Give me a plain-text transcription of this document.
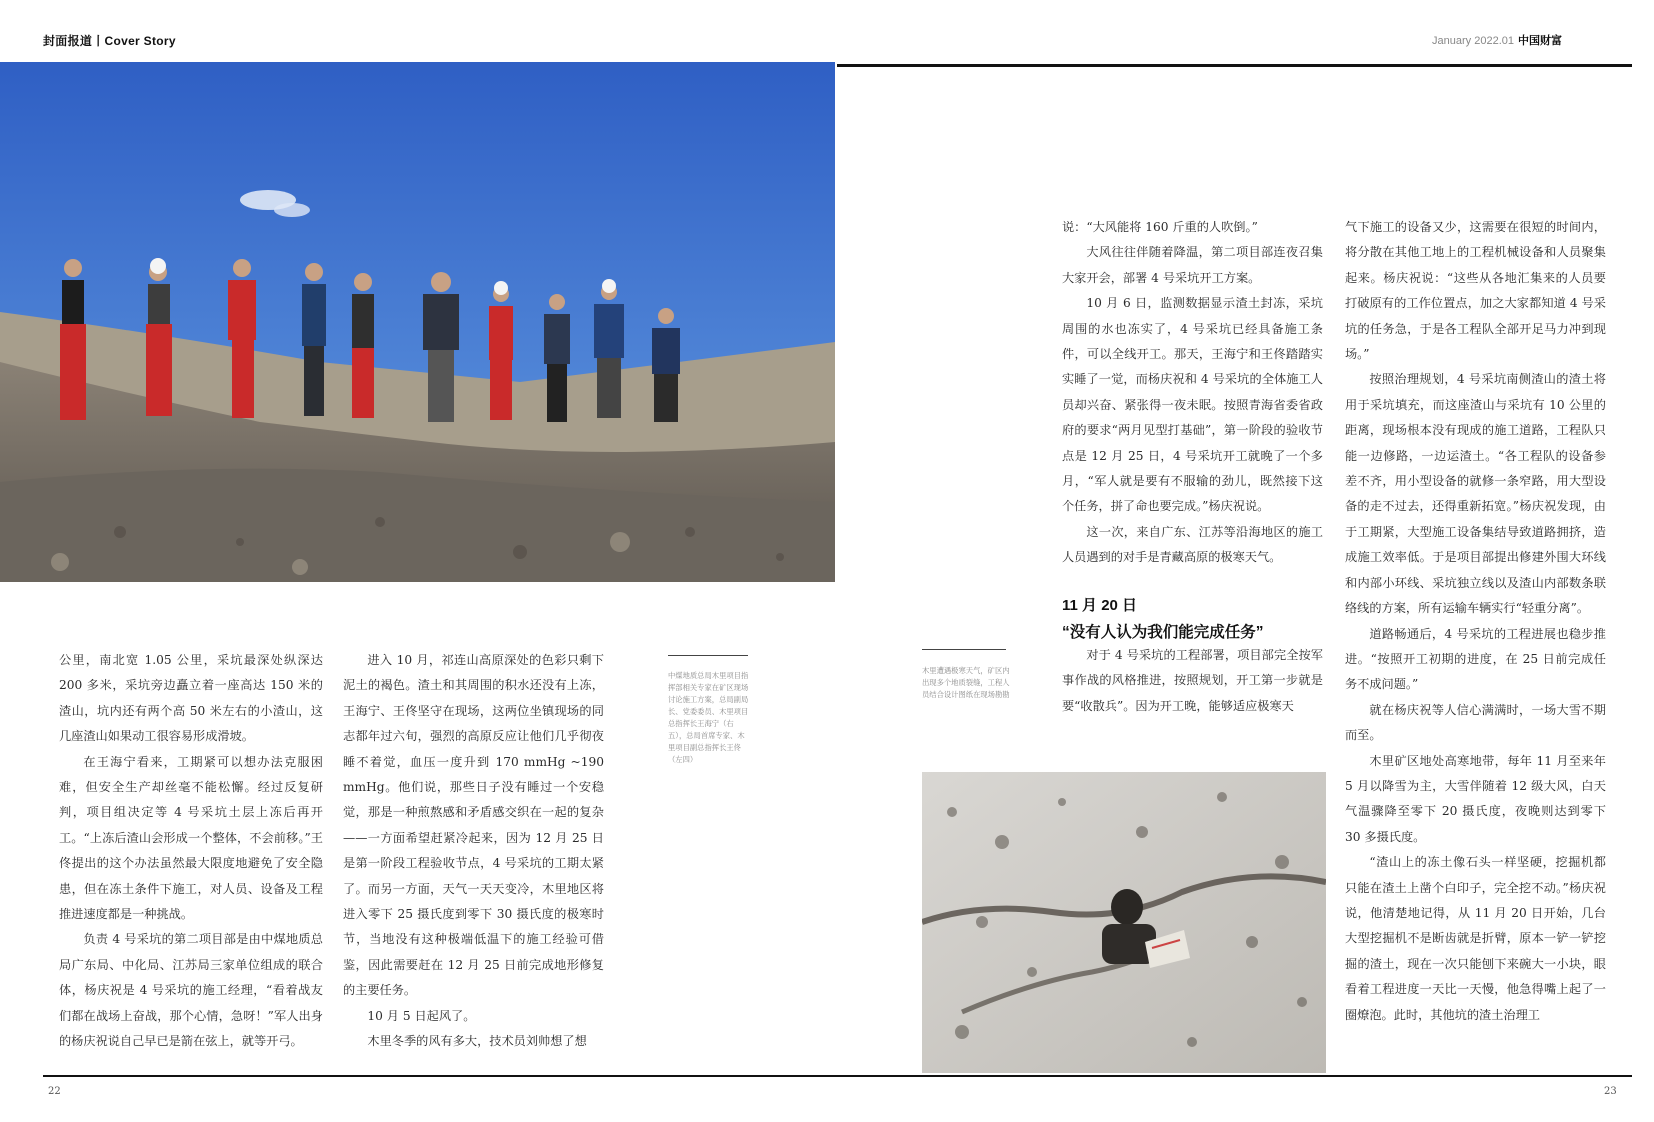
封面报道丨Cover Story	January 2022.01 中国财富
中煤地质总局木里项目指挥部相关专家在矿区现场讨论施工方案，总局副局长、党委委员、木里项目总指挥长王海宁（右五），总局首席专家、木里项目副总指挥长王佟（左四）
木里遭遇极寒天气，矿区内出现多个地质裂缝，工程人员结合设计图纸在现场勘勘

公里，南北宽 1.05 公里，采坑最深处纵深达 200 多米，采坑旁边矗立着一座高达 150 米的渣山，坑内还有两个高 50 米左右的小渣山，这几座渣山如果动工很容易形成滑坡。

在王海宁看来，工期紧可以想办法克服困难，但安全生产却丝毫不能松懈。经过反复研判，项目组决定等 4 号采坑土层上冻后再开工。“上冻后渣山会形成一个整体，不会前移。”王佟提出的这个办法虽然最大限度地避免了安全隐患，但在冻土条件下施工，对人员、设备及工程推进速度都是一种挑战。

负责 4 号采坑的第二项目部是由中煤地质总局广东局、中化局、江苏局三家单位组成的联合体，杨庆祝是 4 号采坑的施工经理，“看着战友们都在战场上奋战，那个心情，急呀！”军人出身的杨庆祝说自己早已是箭在弦上，就等开弓。

进入 10 月，祁连山高原深处的色彩只剩下泥土的褐色。渣土和其周围的积水还没有上冻，王海宁、王佟坚守在现场，这两位坐镇现场的同志都年过六旬，强烈的高原反应让他们几乎彻夜睡不着觉，血压一度升到 170 mmHg ~190 mmHg。他们说，那些日子没有睡过一个安稳觉，那是一种煎熬感和矛盾感交织在一起的复杂——一方面希望赶紧冷起来，因为 12 月 25 日是第一阶段工程验收节点，4 号采坑的工期太紧了。而另一方面，天气一天天变冷，木里地区将进入零下 25 摄氏度到零下 30 摄氏度的极寒时节，当地没有这种极端低温下的施工经验可借鉴，因此需要赶在 12 月 25 日前完成地形修复的主要任务。

10 月 5 日起风了。

木里冬季的风有多大，技术员刘帅想了想

说：“大风能将 160 斤重的人吹倒。”

大风往往伴随着降温，第二项目部连夜召集大家开会，部署 4 号采坑开工方案。

10 月 6 日，监测数据显示渣土封冻，采坑周围的水也冻实了，4 号采坑已经具备施工条件，可以全线开工。那天，王海宁和王佟踏踏实实睡了一觉，而杨庆祝和 4 号采坑的全体施工人员却兴奋、紧张得一夜未眠。按照青海省委省政府的要求“两月见型打基础”，第一阶段的验收节点是 12 月 25 日，4 号采坑开工就晚了一个多月，“军人就是要有不服输的劲儿，既然接下这个任务，拼了命也要完成。”杨庆祝说。

这一次，来自广东、江苏等沿海地区的施工人员遇到的对手是青藏高原的极寒天气。

11 月 20 日
“没有人认为我们能完成任务”

对于 4 号采坑的工程部署，项目部完全按军事作战的风格推进，按照规划，开工第一步就是要“收散兵”。因为开工晚，能够适应极寒天

气下施工的设备又少，这需要在很短的时间内，将分散在其他工地上的工程机械设备和人员聚集起来。杨庆祝说：“这些从各地汇集来的人员要打破原有的工作位置点，加之大家都知道 4 号采坑的任务急，于是各工程队全部开足马力冲到现场。”

按照治理规划，4 号采坑南侧渣山的渣土将用于采坑填充，而这座渣山与采坑有 10 公里的距离，现场根本没有现成的施工道路，工程队只能一边修路，一边运渣土。“各工程队的设备参差不齐，用小型设备的就修一条窄路，用大型设备的走不过去，还得重新拓宽。”杨庆祝发现，由于工期紧，大型施工设备集结导致道路拥挤，造成施工效率低。于是项目部提出修建外围大环线和内部小环线、采坑独立线以及渣山内部数条联络线的方案，所有运输车辆实行“轻重分离”。

道路畅通后，4 号采坑的工程进展也稳步推进。“按照开工初期的进度，在 25 日前完成任务不成问题。”

就在杨庆祝等人信心满满时，一场大雪不期而至。

木里矿区地处高寒地带，每年 11 月至来年 5 月以降雪为主，大雪伴随着 12 级大风，白天气温骤降至零下 20 摄氏度，夜晚则达到零下 30 多摄氏度。

“渣山上的冻土像石头一样坚硬，挖掘机都只能在渣土上凿个白印子，完全挖不动。”杨庆祝说，他清楚地记得，从 11 月 20 日开始，几台大型挖掘机不是断齿就是折臂，原本一铲一铲挖掘的渣土，现在一次只能刨下来碗大一小块，眼看着工程进度一天比一天慢，他急得嘴上起了一圈燎泡。此时，其他坑的渣土治理工

22	23
